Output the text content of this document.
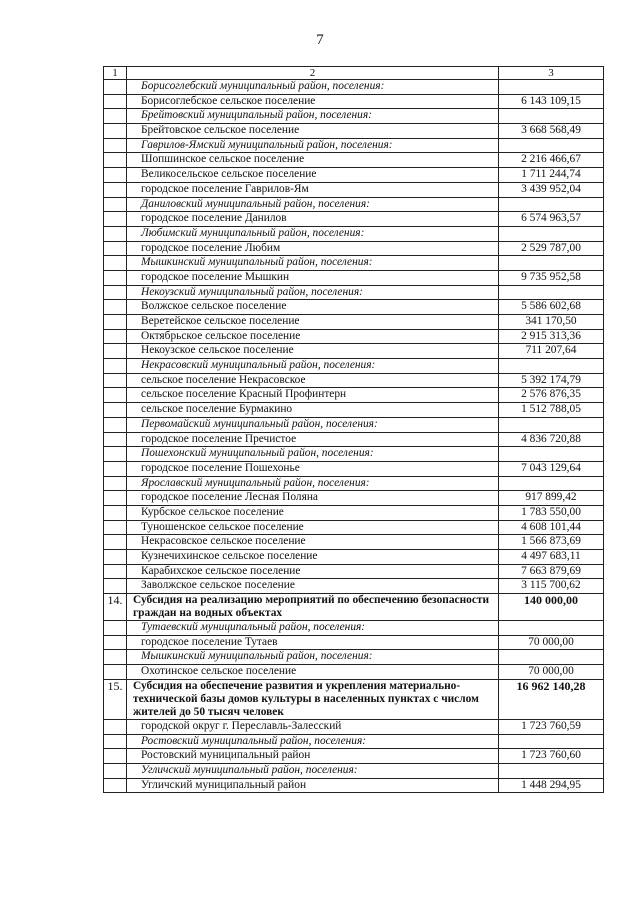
7
1	2	3
	Борисоглебский муниципальный район, поселения:	
	Борисоглебское сельское поселение	6 143 109,15
	Брейтовский муниципальный район, поселения:	
	Брейтовское сельское поселение	3 668 568,49
	Гаврилов-Ямский муниципальный район, поселения:	
	Шопшинское сельское поселение	2 216 466,67
	Великосельское сельское поселение	1 711 244,74
	городское поселение Гаврилов-Ям	3 439 952,04
	Даниловский муниципальный район, поселения:	
	городское поселение Данилов	6 574 963,57
	Любимский муниципальный район, поселения:	
	городское поселение Любим	2 529 787,00
	Мышкинский муниципальный район, поселения:	
	городское поселение Мышкин	9 735 952,58
	Некоузский муниципальный район, поселения:	
	Волжское сельское поселение	5 586 602,68
	Веретейское сельское поселение	341 170,50
	Октябрьское сельское поселение	2 915 313,36
	Некоузское сельское поселение	711 207,64
	Некрасовский муниципальный район, поселения:	
	сельское поселение Некрасовское	5 392 174,79
	сельское поселение Красный Профинтерн	2 576 876,35
	сельское поселение Бурмакино	1 512 788,05
	Первомайский муниципальный район, поселения:	
	городское поселение Пречистое	4 836 720,88
	Пошехонский муниципальный район, поселения:	
	городское поселение Пошехонье	7 043 129,64
	Ярославский муниципальный район, поселения:	
	городское поселение Лесная Поляна	917 899,42
	Курбское сельское поселение	1 783 550,00
	Туношенское сельское поселение	4 608 101,44
	Некрасовское сельское поселение	1 566 873,69
	Кузнечихинское сельское поселение	4 497 683,11
	Карабихское сельское поселение	7 663 879,69
	Заволжское сельское поселение	3 115 700,62
14.	Субсидия на реализацию мероприятий по обеспечению безопасности граждан на водных объектах	140 000,00
	Тутаевский муниципальный район, поселения:	
	городское поселение Тутаев	70 000,00
	Мышкинский муниципальный район, поселения:	
	Охотинское сельское поселение	70 000,00
15.	Субсидия на обеспечение развития и укрепления материально-технической базы домов культуры в населенных пунктах с числом жителей до 50 тысяч человек	16 962 140,28
	городской округ г. Переславль-Залесский	1 723 760,59
	Ростовский муниципальный район, поселения:	
	Ростовский муниципальный район	1 723 760,60
	Угличский муниципальный район, поселения:	
	Угличский муниципальный район	1 448 294,95
